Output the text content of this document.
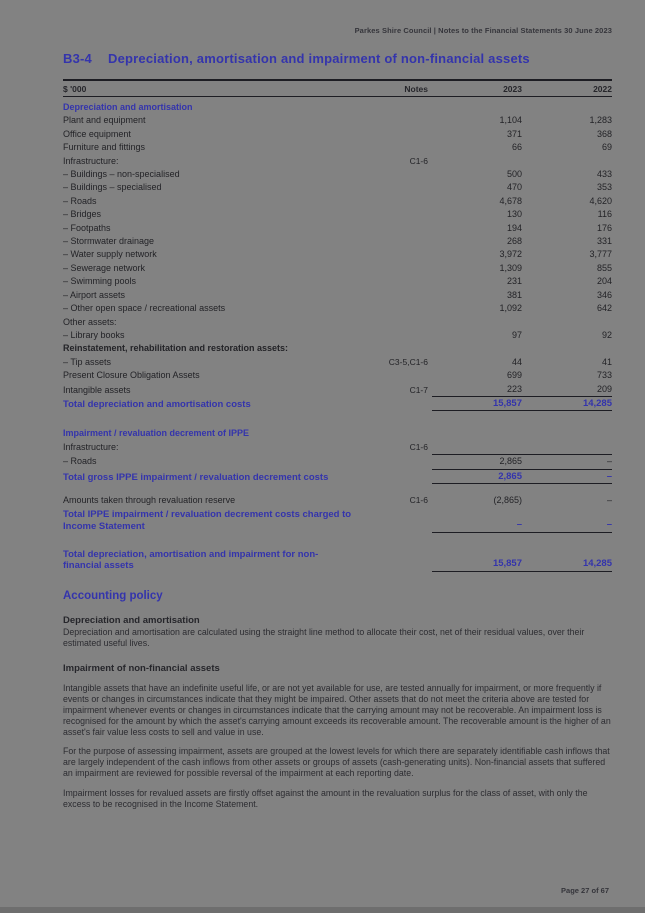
Parkes Shire Council | Notes to the Financial Statements 30 June 2023
B3-4	Depreciation, amortisation and impairment of non-financial assets
$ '000	Notes	2023	2022
Depreciation and amortisation
Plant and equipment	1,104	1,283
Office equipment	371	368
Furniture and fittings	66	69
Infrastructure:	C1-6
– Buildings – non-specialised	500	433
– Buildings – specialised	470	353
– Roads	4,678	4,620
– Bridges	130	116
– Footpaths	194	176
– Stormwater drainage	268	331
– Water supply network	3,972	3,777
– Sewerage network	1,309	855
– Swimming pools	231	204
– Airport assets	381	346
– Other open space / recreational assets	1,092	642
Other assets:
– Library books	97	92
Reinstatement, rehabilitation and restoration assets:
– Tip assets	C3-5,C1-6	44	41
Present Closure Obligation Assets	699	733
Intangible assets	C1-7	223	209
Total depreciation and amortisation costs	15,857	14,285
Impairment / revaluation decrement of IPPE
Infrastructure:	C1-6
– Roads	2,865	–
Total gross IPPE impairment / revaluation decrement costs	2,865	–
Amounts taken through revaluation reserve	C1-6	(2,865)	–
Total IPPE impairment / revaluation decrement costs charged to Income Statement	–	–
Total depreciation, amortisation and impairment for non-financial assets	15,857	14,285
Accounting policy
Depreciation and amortisation

Depreciation and amortisation are calculated using the straight line method to allocate their cost, net of their residual values, over their estimated useful lives.

Impairment of non-financial assets

Intangible assets that have an indefinite useful life, or are not yet available for use, are tested annually for impairment, or more frequently if events or changes in circumstances indicate that they might be impaired. Other assets that do not meet the criteria above are tested for impairment whenever events or changes in circumstances indicate that the carrying amount may not be recoverable. An impairment loss is recognised for the amount by which the asset's carrying amount exceeds its recoverable amount. The recoverable amount is the higher of an asset's fair value less costs to sell and value in use.

For the purpose of assessing impairment, assets are grouped at the lowest levels for which there are separately identifiable cash inflows that are largely independent of the cash inflows from other assets or groups of assets (cash-generating units). Non-financial assets that suffered an impairment are reviewed for possible reversal of the impairment at each reporting date.

Impairment losses for revalued assets are firstly offset against the amount in the revaluation surplus for the class of asset, with only the excess to be recognised in the Income Statement.

Page 27 of 67
